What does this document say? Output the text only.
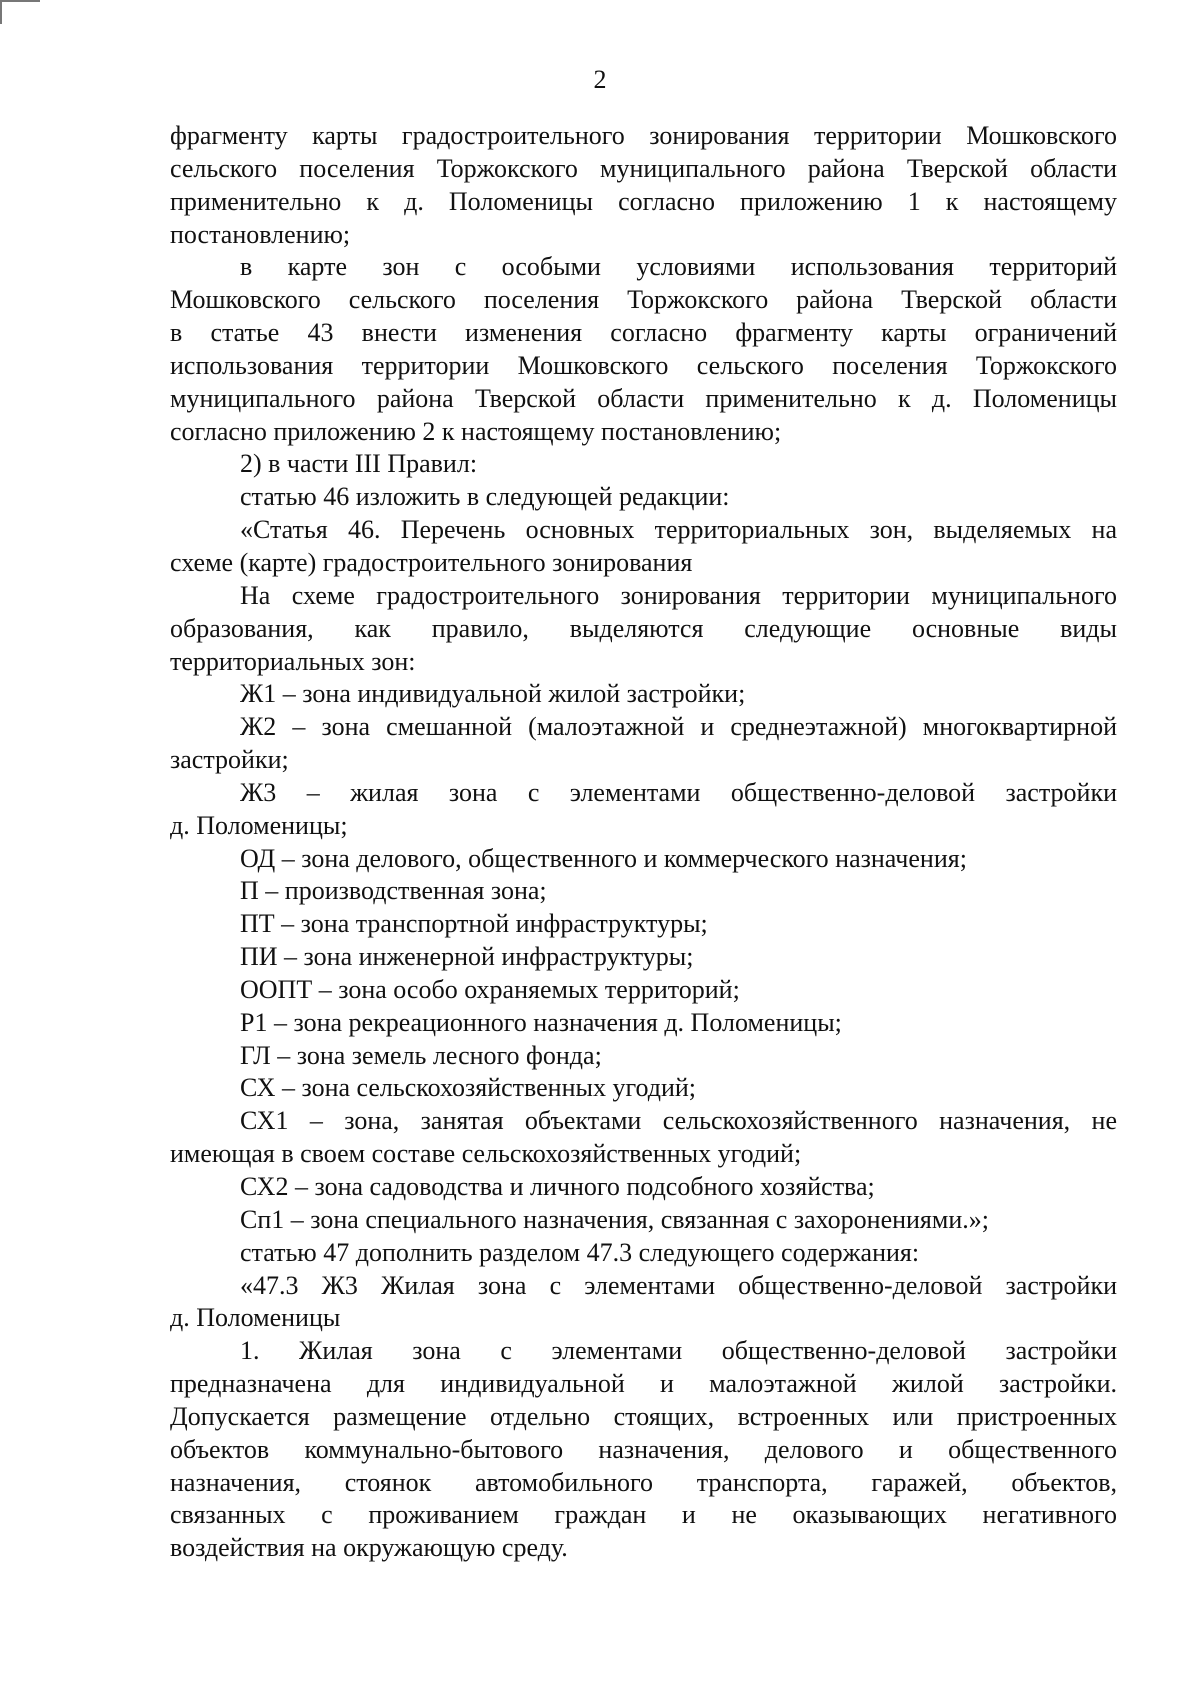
2
фрагменту карты градостроительного зонирования территории Мошковского
сельского поселения Торжокского муниципального района Тверской области
применительно к д. Поломеницы согласно приложению 1 к настоящему
постановлению;
в карте зон с особыми условиями использования территорий
Мошковского сельского поселения Торжокского района Тверской области
в статье 43 внести изменения согласно фрагменту карты ограничений
использования территории Мошковского сельского поселения Торжокского
муниципального района Тверской области применительно к д. Поломеницы
согласно приложению 2 к настоящему постановлению;
2) в части III Правил:
статью 46 изложить в следующей редакции:
«Статья 46. Перечень основных территориальных зон, выделяемых на
схеме (карте) градостроительного зонирования
На схеме градостроительного зонирования территории муниципального
образования, как правило, выделяются следующие основные виды
территориальных зон:
Ж1 – зона индивидуальной жилой застройки;
Ж2 – зона смешанной (малоэтажной и среднеэтажной) многоквартирной
застройки;
Ж3 – жилая зона с элементами общественно-деловой застройки
д. Поломеницы;
ОД – зона делового, общественного и коммерческого назначения;
П – производственная зона;
ПТ – зона транспортной инфраструктуры;
ПИ – зона инженерной инфраструктуры;
ООПТ – зона особо охраняемых территорий;
Р1 – зона рекреационного назначения д. Поломеницы;
ГЛ – зона земель лесного фонда;
СХ – зона сельскохозяйственных угодий;
СХ1 – зона, занятая объектами сельскохозяйственного назначения, не
имеющая в своем составе сельскохозяйственных угодий;
СХ2 – зона садоводства и личного подсобного хозяйства;
Сп1 – зона специального назначения, связанная с захоронениями.»;
статью 47 дополнить разделом 47.3 следующего содержания:
«47.3 Ж3 Жилая зона с элементами общественно-деловой застройки
д. Поломеницы
1. Жилая зона с элементами общественно-деловой застройки
предназначена для индивидуальной и малоэтажной жилой застройки.
Допускается размещение отдельно стоящих, встроенных или пристроенных
объектов коммунально-бытового назначения, делового и общественного
назначения, стоянок автомобильного транспорта, гаражей, объектов,
связанных с проживанием граждан и не оказывающих негативного
воздействия на окружающую среду.
